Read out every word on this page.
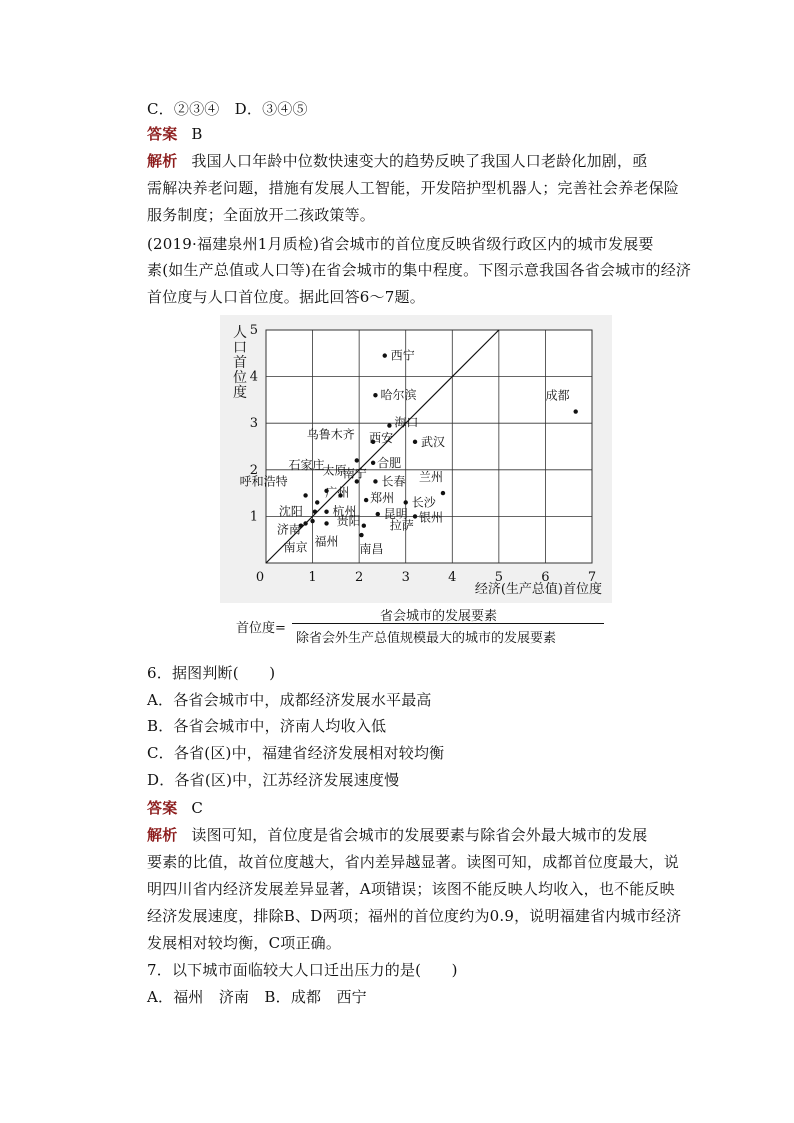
C．②③④　D．③④⑤
答案 B
解析 我国人口年龄中位数快速变大的趋势反映了我国人口老龄化加剧，亟
需解决养老问题，措施有发展人工智能，开发陪护型机器人；完善社会养老保险
服务制度；全面放开二孩政策等。
(2019·福建泉州1月质检)省会城市的首位度反映省级行政区内的城市发展要
素(如生产总值或人口等)在省会城市的集中程度。下图示意我国各省会城市的经济
首位度与人口首位度。据此回答6～7题。
0	1	2	3	4	5	6	7
1
2
3
4
5
人
口
首
位
度
经济(生产总值)首位度
西宁
哈尔滨	成都
海口
乌鲁木齐 西安 武汉
合肥
石家庄
太原
南宁
长春 兰州
呼和浩特
广州 郑州 长沙
沈阳 杭州 昆明 银州
济南
南京
贵阳
福州
拉萨
南昌
首位度=
省会城市的发展要素
除省会外生产总值规模最大的城市的发展要素
6．据图判断(　　)
A．各省会城市中，成都经济发展水平最高
B．各省会城市中，济南人均收入低
C．各省(区)中，福建省经济发展相对较均衡
D．各省(区)中，江苏经济发展速度慢
答案 C
解析 读图可知，首位度是省会城市的发展要素与除省会外最大城市的发展
要素的比值，故首位度越大，省内差异越显著。读图可知，成都首位度最大，说
明四川省内经济发展差异显著，A项错误；该图不能反映人均收入，也不能反映
经济发展速度，排除B、D两项；福州的首位度约为0.9，说明福建省内城市经济
发展相对较均衡，C项正确。
7．以下城市面临较大人口迁出压力的是(　　)
A．福州　济南　B．成都　西宁
